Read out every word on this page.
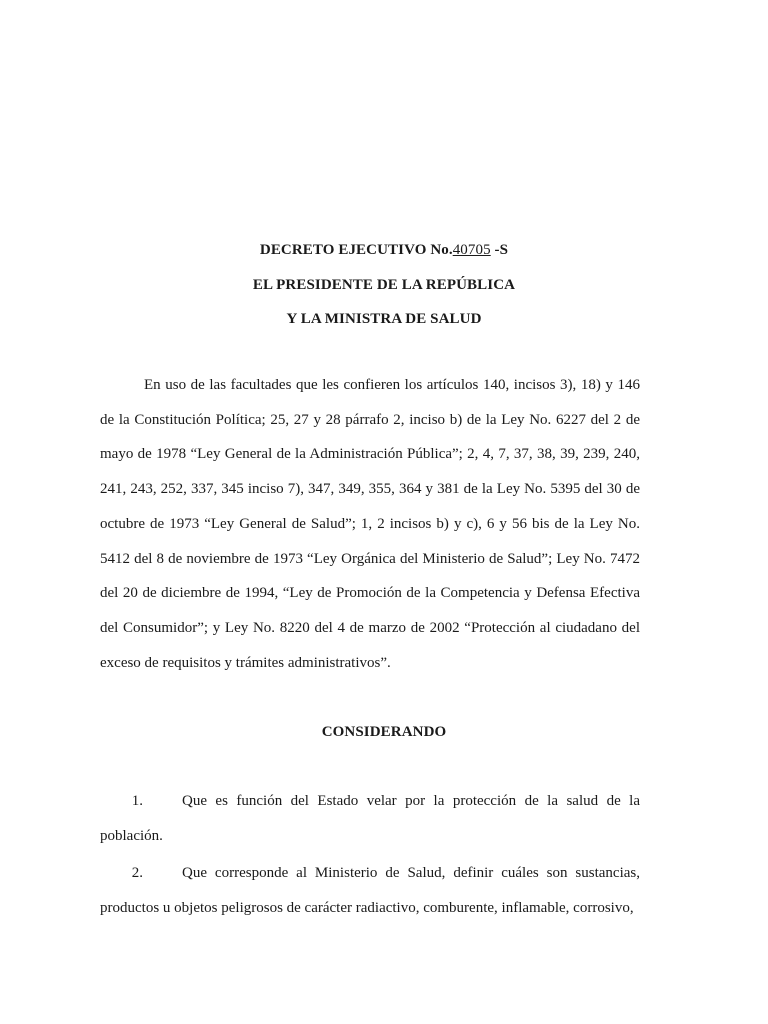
DECRETO EJECUTIVO No.40705 -S
EL PRESIDENTE DE LA REPÚBLICA
Y LA MINISTRA DE SALUD

En uso de las facultades que les confieren los artículos 140, incisos 3), 18) y 146 de la Constitución Política; 25, 27 y 28 párrafo 2, inciso b) de la Ley No. 6227 del 2 de mayo de 1978 “Ley General de la Administración Pública”; 2, 4, 7, 37, 38, 39, 239, 240, 241, 243, 252, 337, 345 inciso 7), 347, 349, 355, 364 y 381 de la Ley No. 5395 del 30 de octubre de 1973 “Ley General de Salud”; 1, 2 incisos b) y c), 6 y 56 bis de la Ley No. 5412 del 8 de noviembre de 1973 “Ley Orgánica del Ministerio de Salud”; Ley No. 7472 del 20 de diciembre de 1994, “Ley de Promoción de la Competencia y Defensa Efectiva del Consumidor”; y Ley No. 8220 del 4 de marzo de 2002 “Protección al ciudadano del exceso de requisitos y trámites administrativos”.

CONSIDERANDO

1.	Que es función del Estado velar por la protección de la salud de la población.

2.	Que corresponde al Ministerio de Salud, definir cuáles son sustancias, productos u objetos peligrosos de carácter radiactivo, comburente, inflamable, corrosivo,
